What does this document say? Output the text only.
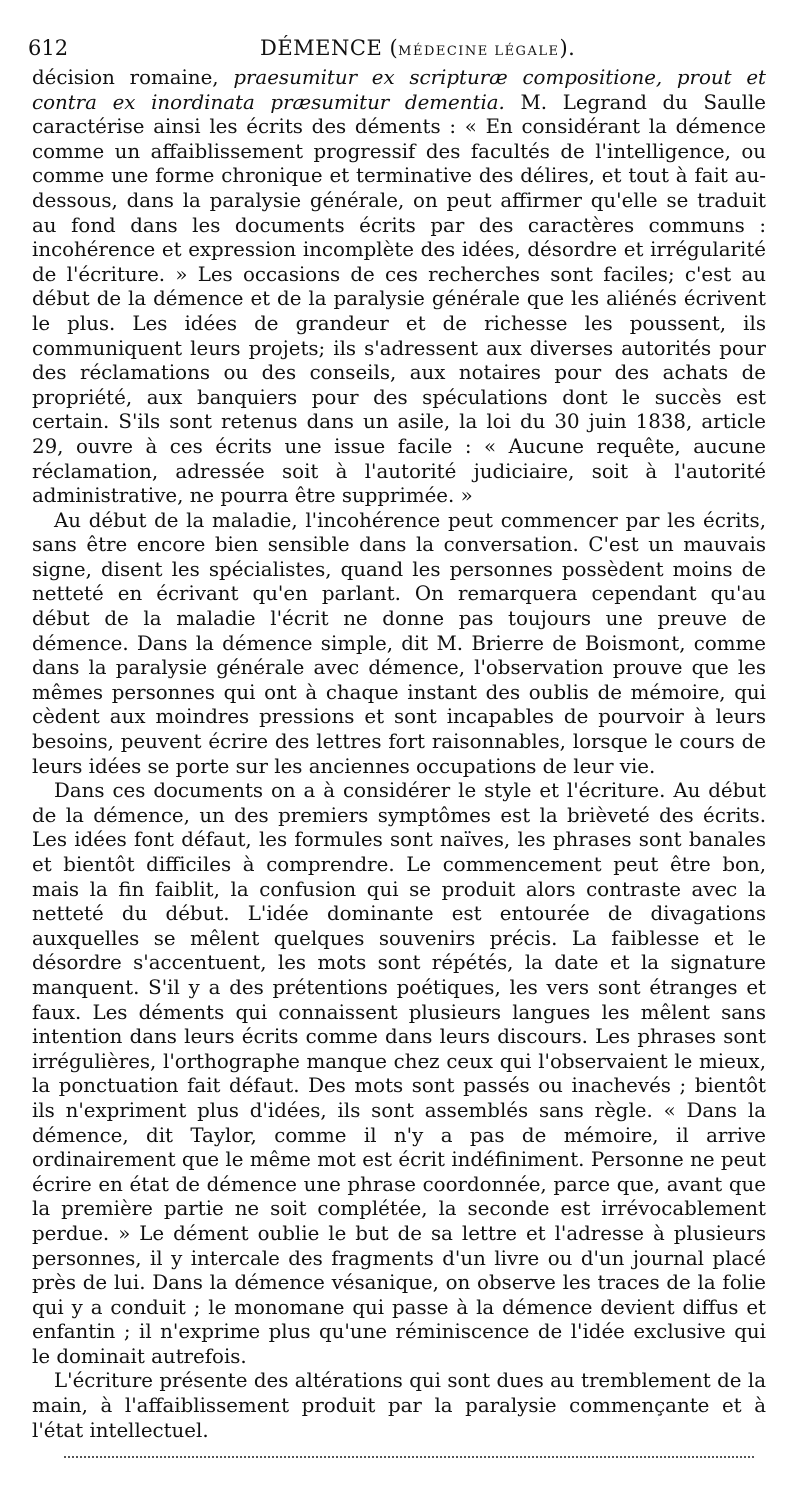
612	DÉMENCE (MÉDECINE LÉGALE).

décision romaine, praesumitur ex scripturæ compositione, prout et contra ex inordinata præsumitur dementia. M. Legrand du Saulle caractérise ainsi les écrits des déments : « En considérant la démence comme un affaiblissement progressif des facultés de l'intelligence, ou comme une forme chronique et terminative des délires, et tout à fait au-dessous, dans la paralysie générale, on peut affirmer qu'elle se traduit au fond dans les documents écrits par des caractères communs : incohérence et expression incomplète des idées, désordre et irrégularité de l'écriture. » Les occasions de ces recherches sont faciles; c'est au début de la démence et de la paralysie générale que les aliénés écrivent le plus. Les idées de grandeur et de richesse les poussent, ils communiquent leurs projets; ils s'adressent aux diverses autorités pour des réclamations ou des conseils, aux notaires pour des achats de propriété, aux banquiers pour des spéculations dont le succès est certain. S'ils sont retenus dans un asile, la loi du 30 juin 1838, article 29, ouvre à ces écrits une issue facile : « Aucune requête, aucune réclamation, adressée soit à l'autorité judiciaire, soit à l'autorité administrative, ne pourra être supprimée. »

Au début de la maladie, l'incohérence peut commencer par les écrits, sans être encore bien sensible dans la conversation. C'est un mauvais signe, disent les spécialistes, quand les personnes possèdent moins de netteté en écrivant qu'en parlant. On remarquera cependant qu'au début de la maladie l'écrit ne donne pas toujours une preuve de démence. Dans la démence simple, dit M. Brierre de Boismont, comme dans la paralysie générale avec démence, l'observation prouve que les mêmes personnes qui ont à chaque instant des oublis de mémoire, qui cèdent aux moindres pressions et sont incapables de pourvoir à leurs besoins, peuvent écrire des lettres fort raisonnables, lorsque le cours de leurs idées se porte sur les anciennes occupations de leur vie.

Dans ces documents on a à considérer le style et l'écriture. Au début de la démence, un des premiers symptômes est la brièveté des écrits. Les idées font défaut, les formules sont naïves, les phrases sont banales et bientôt difficiles à comprendre. Le commencement peut être bon, mais la fin faiblit, la confusion qui se produit alors contraste avec la netteté du début. L'idée dominante est entourée de divagations auxquelles se mêlent quelques souvenirs précis. La faiblesse et le désordre s'accentuent, les mots sont répétés, la date et la signature manquent. S'il y a des prétentions poétiques, les vers sont étranges et faux. Les déments qui connaissent plusieurs langues les mêlent sans intention dans leurs écrits comme dans leurs discours. Les phrases sont irrégulières, l'orthographe manque chez ceux qui l'observaient le mieux, la ponctuation fait défaut. Des mots sont passés ou inachevés ; bientôt ils n'expriment plus d'idées, ils sont assemblés sans règle. « Dans la démence, dit Taylor, comme il n'y a pas de mémoire, il arrive ordinairement que le même mot est écrit indéfiniment. Personne ne peut écrire en état de démence une phrase coordonnée, parce que, avant que la première partie ne soit complétée, la seconde est irrévocablement perdue. » Le dément oublie le but de sa lettre et l'adresse à plusieurs personnes, il y intercale des fragments d'un livre ou d'un journal placé près de lui. Dans la démence vésanique, on observe les traces de la folie qui y a conduit ; le monomane qui passe à la démence devient diffus et enfantin ; il n'exprime plus qu'une réminiscence de l'idée exclusive qui le dominait autrefois.

L'écriture présente des altérations qui sont dues au tremblement de la main, à l'affaiblissement produit par la paralysie commençante et à l'état intellectuel.
